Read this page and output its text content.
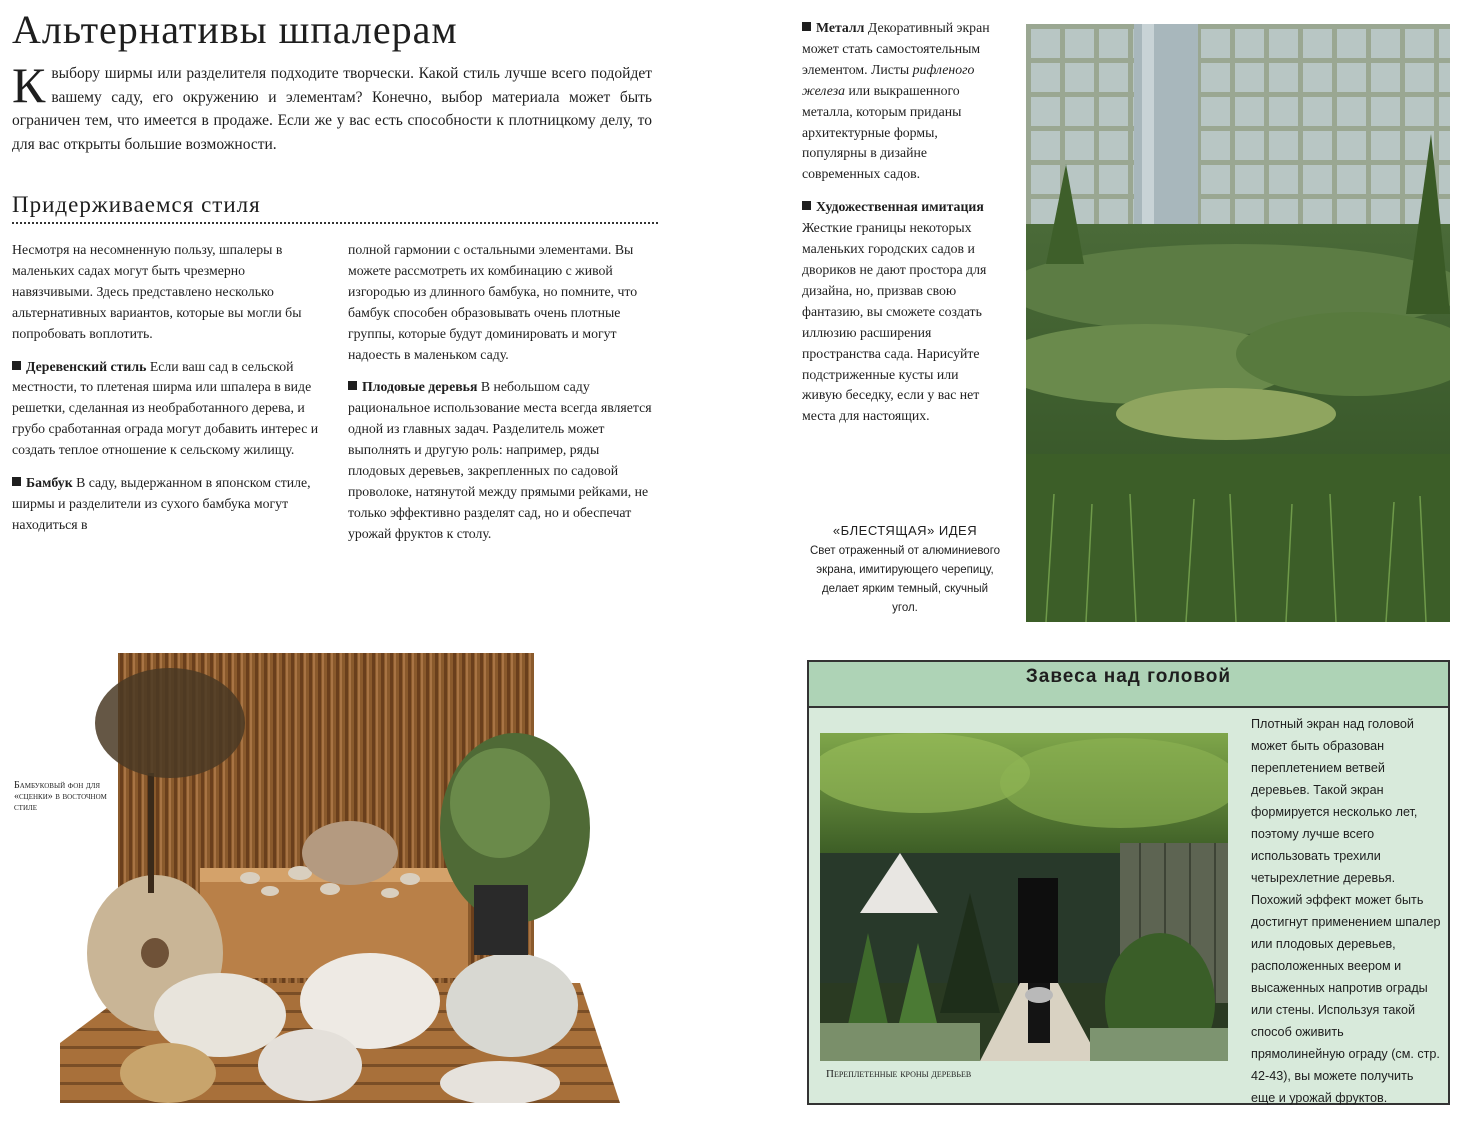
Альтернативы шпалерам
Квыбору ширмы или разделителя подходите творчески. Какой стиль лучше всего подойдет вашему саду, его окружению и элементам? Конечно, выбор материала может быть ограничен тем, что имеется в продаже. Если же у вас есть способности к плотницкому делу, то для вас открыты большие возможности.
Придерживаемся стиля

Несмотря на несомненную пользу, шпалеры в маленьких садах могут быть чрезмерно навязчивыми. Здесь представлено несколько альтернативных вариантов, которые вы могли бы попробовать воплотить.

Деревенский стиль Если ваш сад в сельской местности, то плетеная ширма или шпалера в виде решетки, сделанная из необработанного дерева, и грубо сработанная ограда могут добавить интерес и создать теплое отношение к сельскому жилищу.

Бамбук В саду, выдержанном в японском стиле, ширмы и разделители из сухого бамбука могут находиться в

полной гармонии с остальными элементами. Вы можете рассмотреть их комбинацию с живой изгородью из длинного бамбука, но помните, что бамбук способен образовывать очень плотные группы, которые будут доминировать и могут надоесть в маленьком саду.

Плодовые деревья В небольшом саду рациональное использование места всегда является одной из главных задач. Разделитель может выполнять и другую роль: например, ряды плодовых деревьев, закрепленных по садовой проволоке, натянутой между прямыми рейками, не только эффективно разделят сад, но и обеспечат урожай фруктов к столу.

Металл Декоративный экран может стать самостоятельным элементом. Листы рифленого железа или выкрашенного металла, которым приданы архитектурные формы, популярны в дизайне современных садов.

Художественная имитация Жесткие границы некоторых маленьких городских садов и двориков не дают простора для дизайна, но, призвав свою фантазию, вы сможете создать иллюзию расширения пространства сада. Нарисуйте подстриженные кусты или живую беседку, если у вас нет места для настоящих.

«БЛЕСТЯЩАЯ» ИДЕЯ
Свет отраженный от алюминиевого экрана, имитирующего черепицу, делает ярким темный, скучный угол.
Бамбуковый фон для «сценки» в восточном стиле
Завеса над головой
Переплетенные кроны деревьев
Плотный экран над головой может быть образован переплетением ветвей деревьев. Такой экран формируется несколько лет, поэтому лучше всего использовать трехили четырехлетние деревья. Похожий эффект может быть достигнут применением шпалер или плодовых деревьев, расположенных веером и высаженных напротив ограды или стены. Используя такой способ оживить прямолинейную ограду (см. стр. 42-43), вы можете получить еще и урожай фруктов.
